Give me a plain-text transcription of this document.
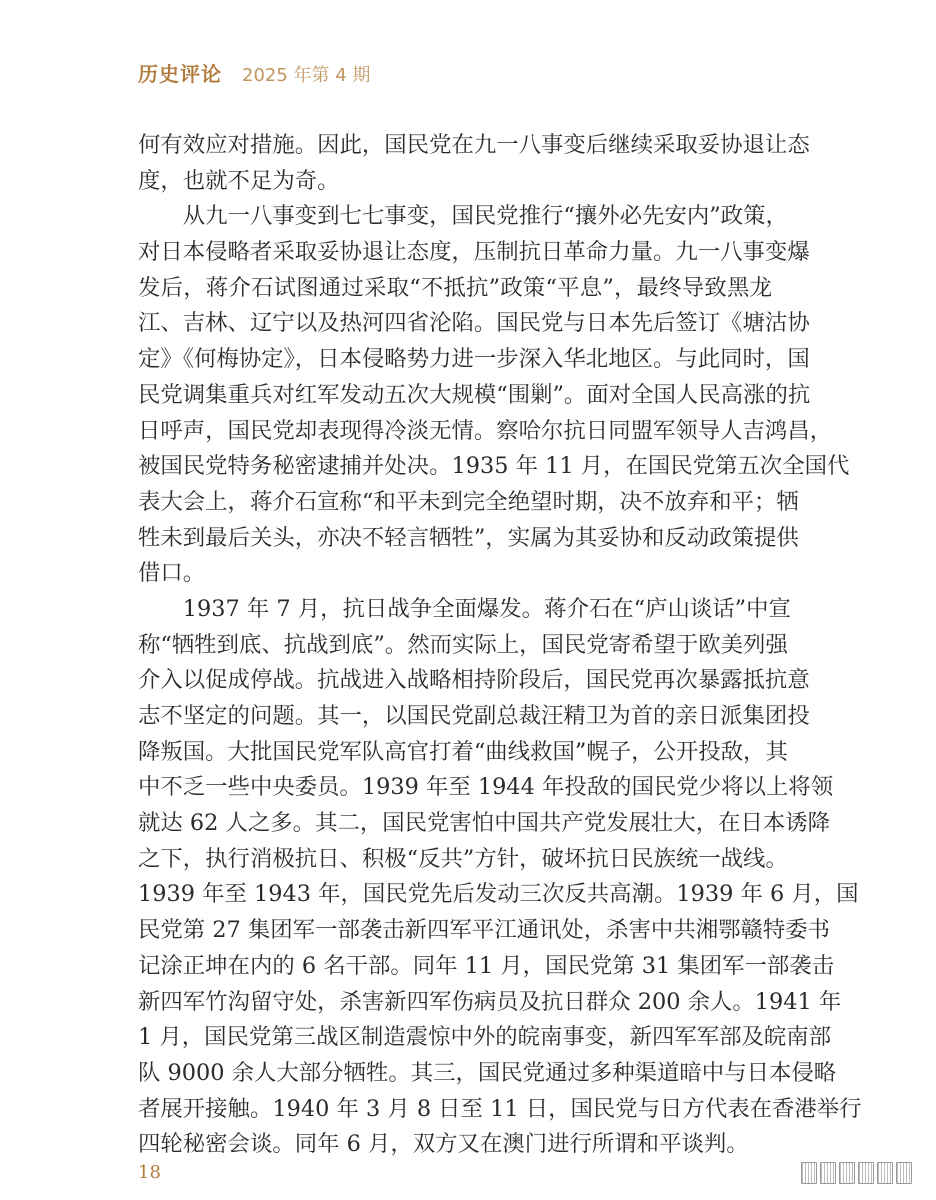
历史评论 2025 年第 4 期
何有效应对措施。因此，国民党在九一八事变后继续采取妥协退让态
度，也就不足为奇。
从九一八事变到七七事变，国民党推行“攘外必先安内”政策，
对日本侵略者采取妥协退让态度，压制抗日革命力量。九一八事变爆
发后，蒋介石试图通过采取“不抵抗”政策“平息”，最终导致黑龙
江、吉林、辽宁以及热河四省沦陷。国民党与日本先后签订《塘沽协
定》《何梅协定》，日本侵略势力进一步深入华北地区。与此同时，国
民党调集重兵对红军发动五次大规模“围剿”。面对全国人民高涨的抗
日呼声，国民党却表现得冷淡无情。察哈尔抗日同盟军领导人吉鸿昌，
被国民党特务秘密逮捕并处决。1935 年 11 月，在国民党第五次全国代
表大会上，蒋介石宣称“和平未到完全绝望时期，决不放弃和平；牺
牲未到最后关头，亦决不轻言牺牲”，实属为其妥协和反动政策提供
借口。
1937 年 7 月，抗日战争全面爆发。蒋介石在“庐山谈话”中宣
称“牺牲到底、抗战到底”。然而实际上，国民党寄希望于欧美列强
介入以促成停战。抗战进入战略相持阶段后，国民党再次暴露抵抗意
志不坚定的问题。其一，以国民党副总裁汪精卫为首的亲日派集团投
降叛国。大批国民党军队高官打着“曲线救国”幌子，公开投敌，其
中不乏一些中央委员。1939 年至 1944 年投敌的国民党少将以上将领
就达 62 人之多。其二，国民党害怕中国共产党发展壮大，在日本诱降
之下，执行消极抗日、积极“反共”方针，破坏抗日民族统一战线。
1939 年至 1943 年，国民党先后发动三次反共高潮。1939 年 6 月，国
民党第 27 集团军一部袭击新四军平江通讯处，杀害中共湘鄂赣特委书
记涂正坤在内的 6 名干部。同年 11 月，国民党第 31 集团军一部袭击
新四军竹沟留守处，杀害新四军伤病员及抗日群众 200 余人。1941 年
1 月，国民党第三战区制造震惊中外的皖南事变，新四军军部及皖南部
队 9000 余人大部分牺牲。其三，国民党通过多种渠道暗中与日本侵略
者展开接触。1940 年 3 月 8 日至 11 日，国民党与日方代表在香港举行
四轮秘密会谈。同年 6 月，双方又在澳门进行所谓和平谈判。
18
